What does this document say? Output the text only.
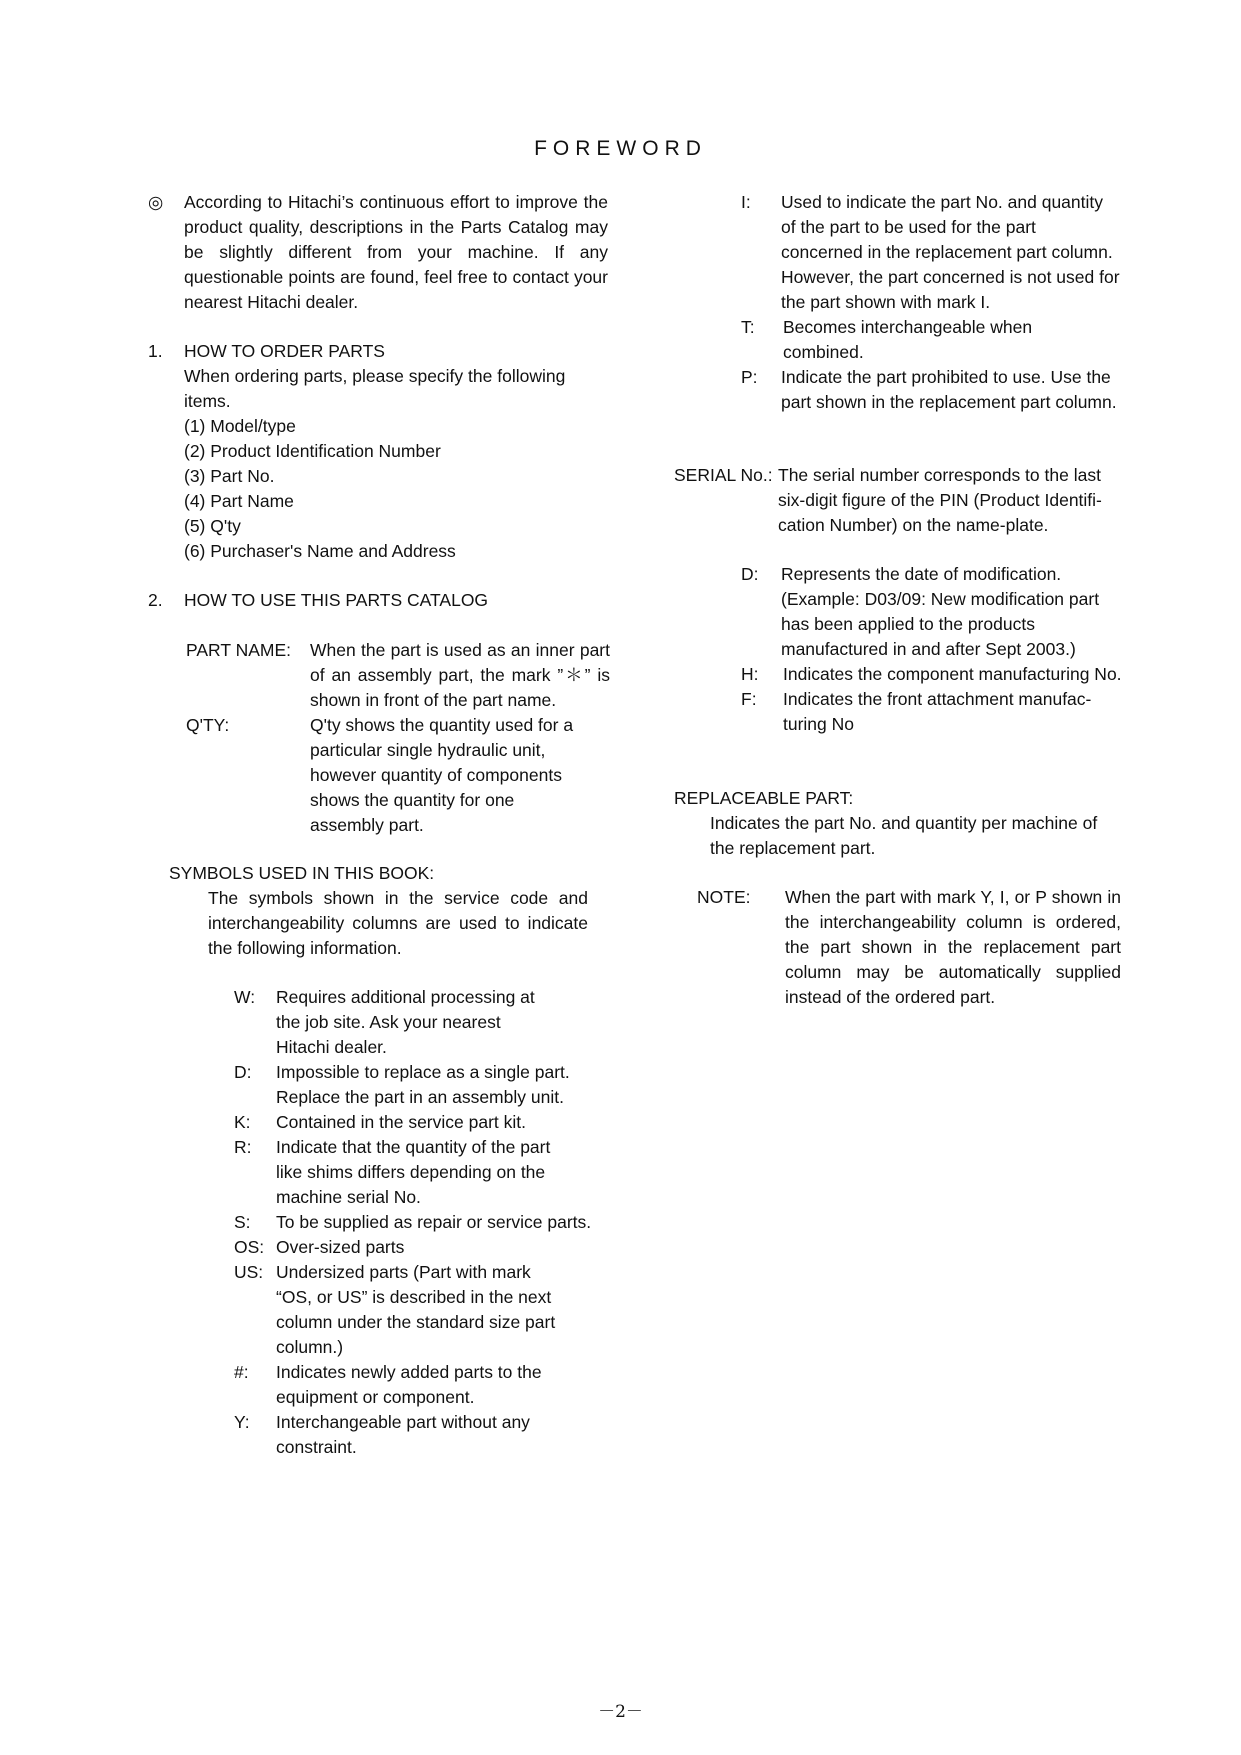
FOREWORD
◎ According to Hitachi’s continuous effort to improve the product quality, descriptions in the Parts Catalog may be slightly different from your machine. If any questionable points are found, feel free to contact your nearest Hitachi dealer.
1. HOW TO ORDER PARTS
When ordering parts, please specify the following items.
(1) Model/type
(2) Product Identification Number
(3) Part No.
(4) Part Name
(5) Q'ty
(6) Purchaser's Name and Address
2. HOW TO USE THIS PARTS CATALOG
PART NAME: When the part is used as an inner part of an assembly part, the mark ”＊” is shown in front of the part name.
Q'TY:	Q'ty shows the quantity used for a particular single hydraulic unit, however quantity of components shows the quantity for one assembly part.
SYMBOLS USED IN THIS BOOK:
The symbols shown in the service code and interchangeability columns are used to indicate the following information.
W: Requires additional processing at the job site. Ask your nearest Hitachi dealer.
D: Impossible to replace as a single part. Replace the part in an assembly unit.
K: Contained in the service part kit.
R: Indicate that the quantity of the part like shims differs depending on the machine serial No.
S: To be supplied as repair or service parts.
OS: Over-sized parts
US: Undersized parts (Part with mark “OS, or US” is described in the next column under the standard size part column.)
#: Indicates newly added parts to the equipment or component.
Y: Interchangeable part without any constraint.
I: Used to indicate the part No. and quantity of the part to be used for the part concerned in the replacement part column. However, the part concerned is not used for the part shown with mark I.
T: Becomes interchangeable when combined.
P: Indicate the part prohibited to use. Use the part shown in the replacement part column.
SERIAL No.: The serial number corresponds to the last six-digit figure of the PIN (Product Identifi-cation Number) on the name-plate.
D: Represents the date of modification. (Example: D03/09: New modification part has been applied to the products manufactured in and after Sept 2003.)
H: Indicates the component manufacturing No.
F: Indicates the front attachment manufac-turing No
REPLACEABLE PART:
Indicates the part No. and quantity per machine of the replacement part.
NOTE: When the part with mark Y, I, or P shown in the interchangeability column is ordered, the part shown in the replacement part column may be automatically supplied instead of the ordered part.
－2－
